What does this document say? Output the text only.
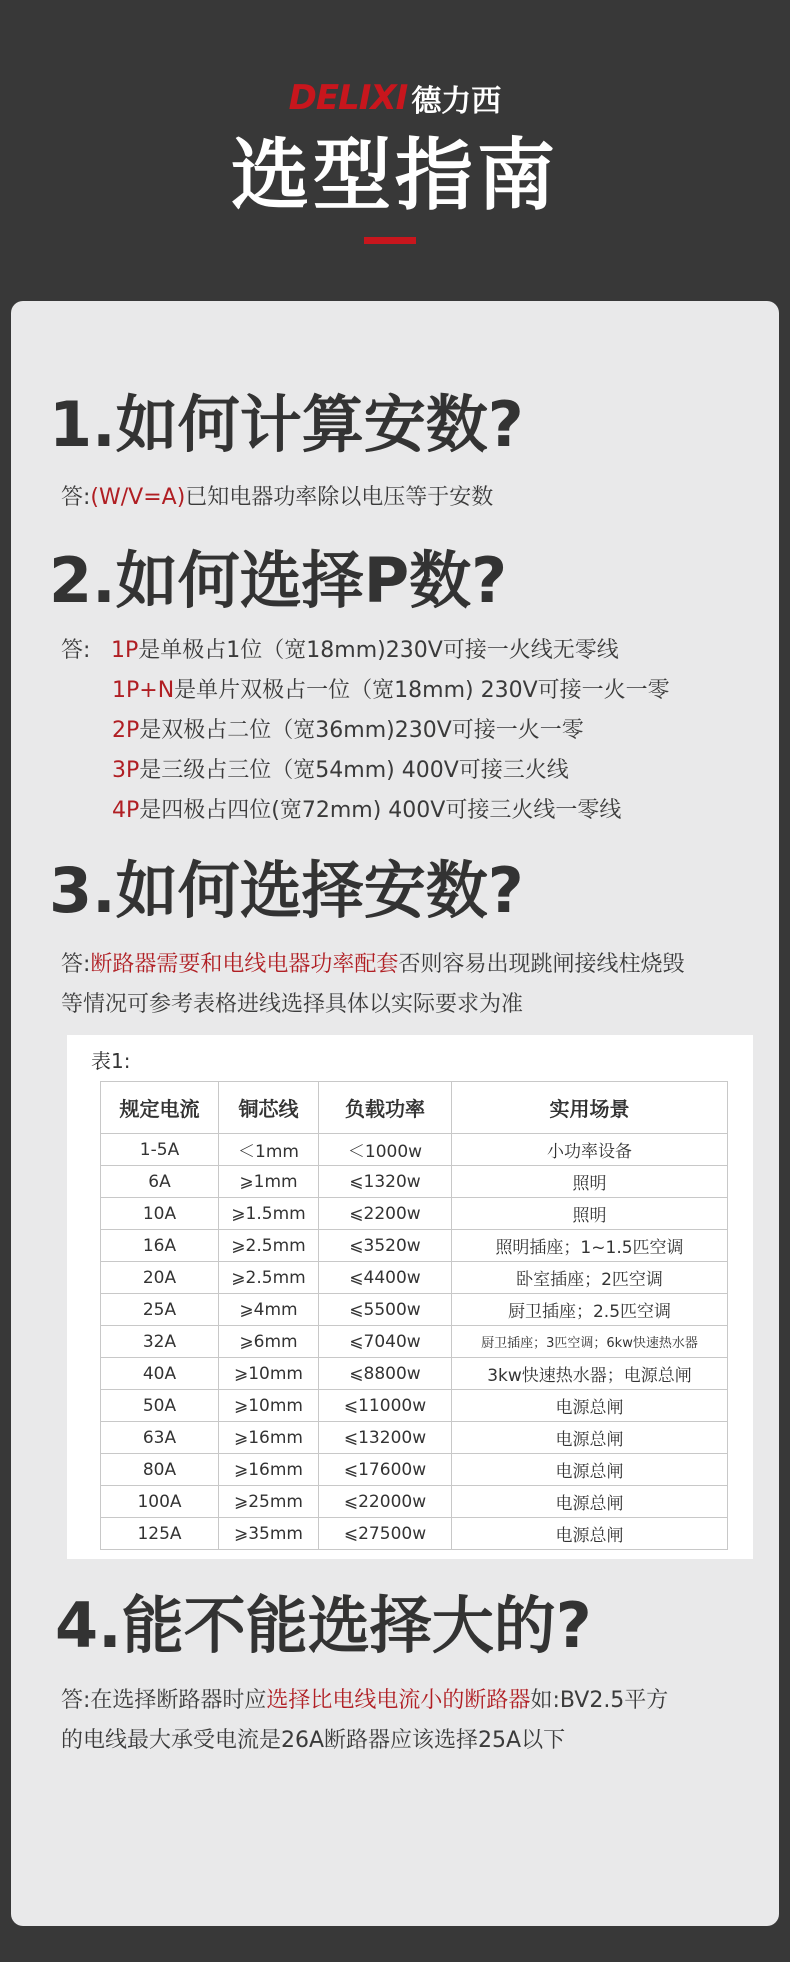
DELIXI 德力西
选型指南
1.如何计算安数?
答:(W/V=A)已知电器功率除以电压等于安数
2.如何选择P数?
答: 1P是单极占1位（宽18mm)230V可接一火线无零线
1P+N是单片双极占一位（宽18mm) 230V可接一火一零
2P是双极占二位（宽36mm)230V可接一火一零
3P是三级占三位（宽54mm) 400V可接三火线
4P是四极占四位(宽72mm) 400V可接三火线一零线
3.如何选择安数?
答:断路器需要和电线电器功率配套否则容易出现跳闸接线柱烧毁
等情况可参考表格进线选择具体以实际要求为准
表1:
规定电流	铜芯线	负载功率	实用场景
1-5A	＜1mm	＜1000w	小功率设备
6A	⩾1mm	⩽1320w	照明
10A	⩾1.5mm	⩽2200w	照明
16A	⩾2.5mm	⩽3520w	照明插座；1~1.5匹空调
20A	⩾2.5mm	⩽4400w	卧室插座；2匹空调
25A	⩾4mm	⩽5500w	厨卫插座；2.5匹空调
32A	⩾6mm	⩽7040w	厨卫插座；3匹空调；6kw快速热水器
40A	⩾10mm	⩽8800w	3kw快速热水器；电源总闸
50A	⩾10mm	⩽11000w	电源总闸
63A	⩾16mm	⩽13200w	电源总闸
80A	⩾16mm	⩽17600w	电源总闸
100A	⩾25mm	⩽22000w	电源总闸
125A	⩾35mm	⩽27500w	电源总闸
4.能不能选择大的?
答:在选择断路器时应选择比电线电流小的断路器如:BV2.5平方
的电线最大承受电流是26A断路器应该选择25A以下
